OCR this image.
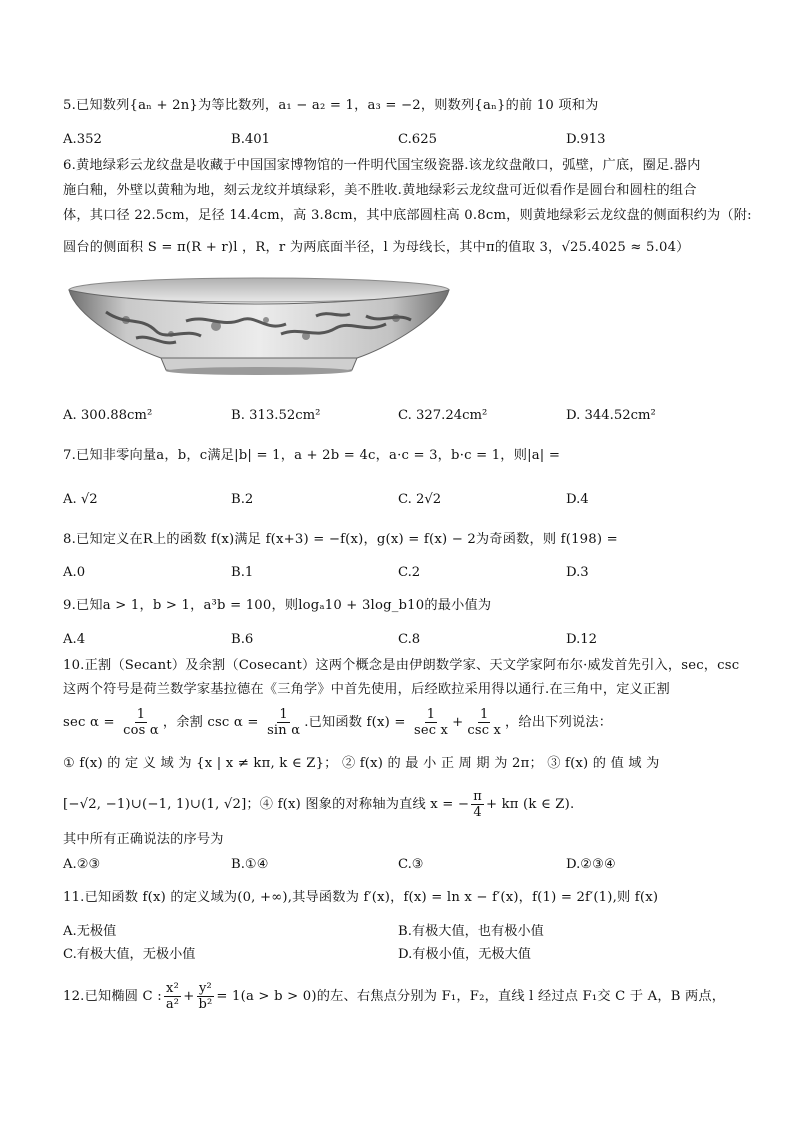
5.已知数列{aₙ + 2n}为等比数列，a₁ − a₂ = 1，a₃ = −2，则数列{aₙ}的前 10 项和为
A.352	B.401	C.625	D.913
6.黄地绿彩云龙纹盘是收藏于中国国家博物馆的一件明代国宝级瓷器.该龙纹盘敞口，弧壁，广底，圈足.器内
施白釉，外壁以黄釉为地，刻云龙纹并填绿彩，美不胜收.黄地绿彩云龙纹盘可近似看作是圆台和圆柱的组合
体，其口径 22.5cm，足径 14.4cm，高 3.8cm，其中底部圆柱高 0.8cm，则黄地绿彩云龙纹盘的侧面积约为（附:
圆台的侧面积 S = π(R + r)l ，R，r 为两底面半径，l 为母线长，其中π的值取 3，√25.4025 ≈ 5.04）
A. 300.88cm²	B. 313.52cm²	C. 327.24cm²	D. 344.52cm²
7.已知非零向量a，b，c满足|b| = 1，a + 2b = 4c，a·c = 3，b·c = 1，则|a| =
A. √2	B.2	C. 2√2	D.4
8.已知定义在R上的函数 f(x)满足 f(x+3) = −f(x)，g(x) = f(x) − 2为奇函数，则 f(198) =
A.0	B.1	C.2	D.3
9.已知a > 1，b > 1，a³b = 100，则logₐ10 + 3log_b10的最小值为
A.4	B.6	C.8	D.12
10.正割（Secant）及余割（Cosecant）这两个概念是由伊朗数学家、天文学家阿布尔·威发首先引入，sec，csc
这两个符号是荷兰数学家基拉德在《三角学》中首先使用，后经欧拉采用得以通行.在三角中，定义正割
$\sec \alpha = \frac{1}{\text{cos α}}$ ，余割 $\csc \alpha = \frac{1}{\text{sin α}}$ .已知函数 $f(x) = \frac{1}{\text{sec x}} + \frac{1}{\text{csc x}}$ ，给出下列说法：
① f(x) 的 定 义 域 为 {x | x ≠ kπ, k ∈ Z}； ② f(x) 的 最 小 正 周 期 为 2π； ③ f(x) 的 值 域 为
[−√2, −1)∪(−1, 1)∪(1, √2]；④ f(x) 图象的对称轴为直线 x = − $\frac{\pi}{4} + k\pi$ (k ∈ Z).
其中所有正确说法的序号为
A.②③	B.①④	C.③	D.②③④
11.已知函数 f(x) 的定义域为(0, +∞),其导函数为 f′(x)，f(x) = ln x − f′(x)，f(1) = 2f′(1),则 f(x)
A.无极值	B.有极大值，也有极小值
C.有极大值，无极小值	D.有极小值，无极大值
12.已知椭圆 C : $\frac{\text{x²}}{\text{a²}} + \frac{\text{y²}}{\text{b²}} = 1(a > b > 0)$的左、右焦点分别为 F₁，F₂，直线 l 经过点 F₁交 C 于 A，B 两点，
